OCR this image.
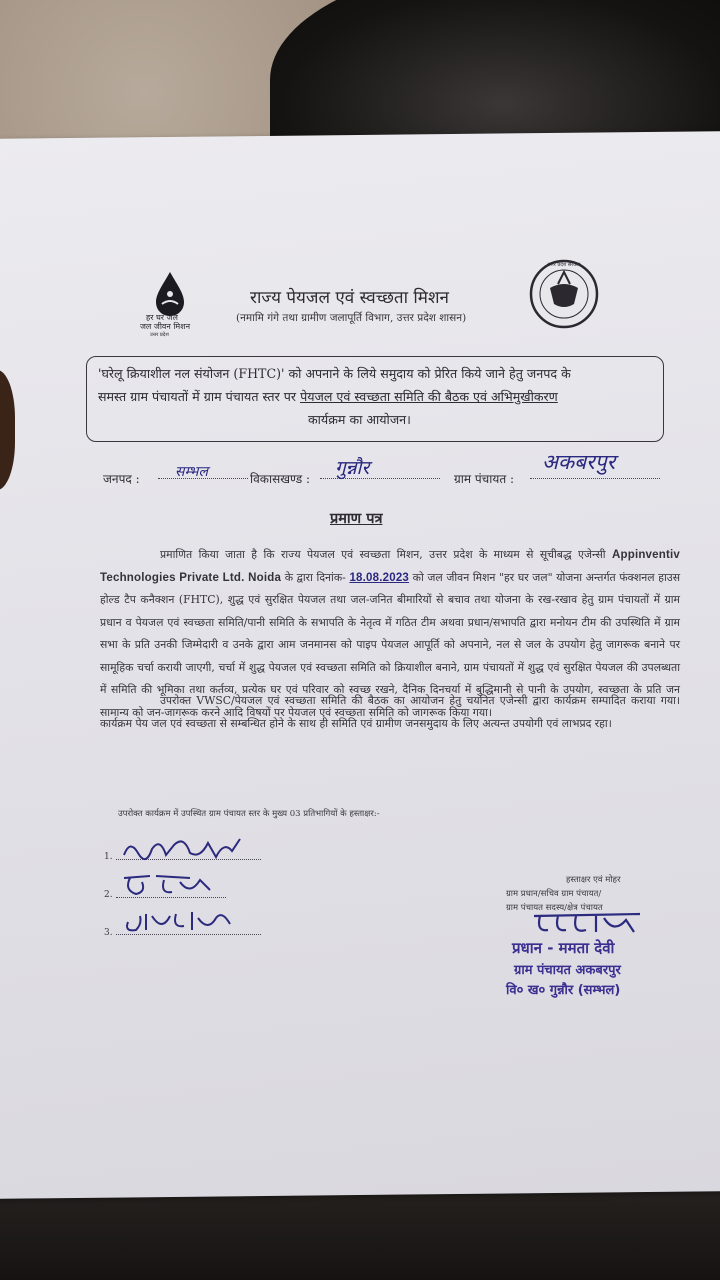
हर घर जल
जल जीवन मिशन
उत्तर प्रदेश
राज्य पेयजल एवं स्वच्छता मिशन
(नमामि गंगे तथा ग्रामीण जलापूर्ति विभाग, उत्तर प्रदेश शासन)
उत्तर प्रदेश सरकार
'घरेलू क्रियाशील नल संयोजन (FHTC)' को अपनाने के लिये समुदाय को प्रेरित किये जाने हेतु जनपद के
समस्त ग्राम पंचायतों में ग्राम पंचायत स्तर पर पेयजल एवं स्वच्छता समिति की बैठक एवं अभिमुखीकरण
कार्यक्रम का आयोजन।
जनपद :	सम्भल	विकासखण्ड : गुन्नौर	ग्राम पंचायत :
अकबरपुर
प्रमाण पत्र
प्रमाणित किया जाता है कि राज्य पेयजल एवं स्वच्छता मिशन, उत्तर प्रदेश के माध्यम से सूचीबद्ध एजेन्सी Appinventiv Technologies Private Ltd. Noida के द्वारा दिनांक- 18.08.2023 को जल जीवन मिशन "हर घर जल" योजना अन्तर्गत फंक्शनल हाउस होल्ड टैप कनैक्शन (FHTC), शुद्ध एवं सुरक्षित पेयजल तथा जल-जनित बीमारियों से बचाव तथा योजना के रख-रखाव हेतु ग्राम पंचायतों में ग्राम प्रधान व पेयजल एवं स्वच्छता समिति/पानी समिति के सभापति के नेतृत्व में गठित टीम अथवा प्रधान/सभापति द्वारा मनोयन टीम की उपस्थिति में ग्राम सभा के प्रति उनकी जिम्मेदारी व उनके द्वारा आम जनमानस को पाइप पेयजल आपूर्ति को अपनाने, नल से जल के उपयोग हेतु जागरूक बनाने पर सामूहिक चर्चा करायी जाएगी, चर्चा में शुद्ध पेयजल एवं स्वच्छता समिति को क्रियाशील बनाने, ग्राम पंचायतों में शुद्ध एवं सुरक्षित पेयजल की उपलब्धता में समिति की भूमिका तथा कर्तव्य, प्रत्येक घर एवं परिवार को स्वच्छ रखने, दैनिक दिनचर्या में बुद्धिमानी से पानी के उपयोग, स्वच्छता के प्रति जन सामान्य को जन-जागरूक करने आदि विषयों पर पेयजल एवं स्वच्छता समिति को जागरूक किया गया।
उपरोक्त VWSC/पेयजल एवं स्वच्छता समिति की बैठक का आयोजन हेतु चयनित एजेन्सी द्वारा कार्यक्रम सम्पादित कराया गया। कार्यक्रम पेय जल एवं स्वच्छता से सम्बन्धित होने के साथ ही समिति एवं ग्रामीण जनसमुदाय के लिए अत्यन्त उपयोगी एवं लाभप्रद रहा।
उपरोक्त कार्यक्रम में उपस्थित ग्राम पंचायत स्तर के मुख्य 03 प्रतिभागियों के हस्ताक्षर:-
1.
2.
3.
हस्ताक्षर एवं मोहर
ग्राम प्रधान/सचिव ग्राम पंचायत/
ग्राम पंचायत सदस्य/क्षेत्र पंचायत
प्रधान - ममता देवी
ग्राम पंचायत अकबरपुर
वि० ख० गुन्नौर (सम्भल)
